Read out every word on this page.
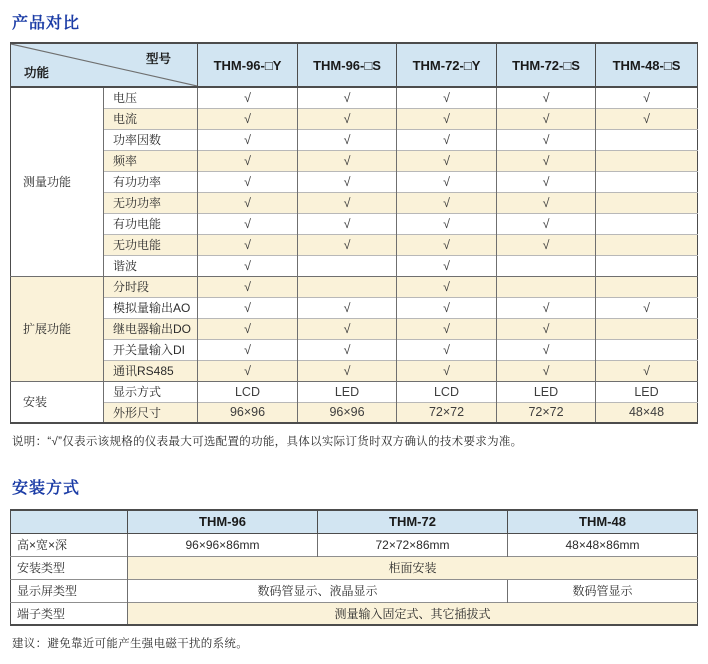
产品对比
型号
功能		THM-96-□Y	THM-96-□S	THM-72-□Y	THM-72-□S	THM-48-□S
测量功能	电压	√	√	√	√	√
	电流	√	√	√	√	√
	功率因数	√	√	√	√	
	频率	√	√	√	√	
	有功功率	√	√	√	√	
	无功功率	√	√	√	√	
	有功电能	√	√	√	√	
	无功电能	√	√	√	√	
	谐波	√		√		
扩展功能	分时段	√		√		
	模拟量输出AO	√	√	√	√	√
	继电器输出DO	√	√	√	√	
	开关量输入DI	√	√	√	√	
	通讯RS485	√	√	√	√	√
安装	显示方式	LCD	LED	LCD	LED	LED
	外形尺寸	96×96	96×96	72×72	72×72	48×48

说明：“√”仅表示该规格的仪表最大可选配置的功能，具体以实际订货时双方确认的技术要求为准。

安装方式
	THM-96	THM-72	THM-48
高×宽×深	96×96×86mm	72×72×86mm	48×48×86mm
安装类型	柜面安装		
显示屏类型	数码管显示、液晶显示		数码管显示
端子类型	测量输入固定式、其它插拔式		

建议：避免靠近可能产生强电磁干扰的系统。
